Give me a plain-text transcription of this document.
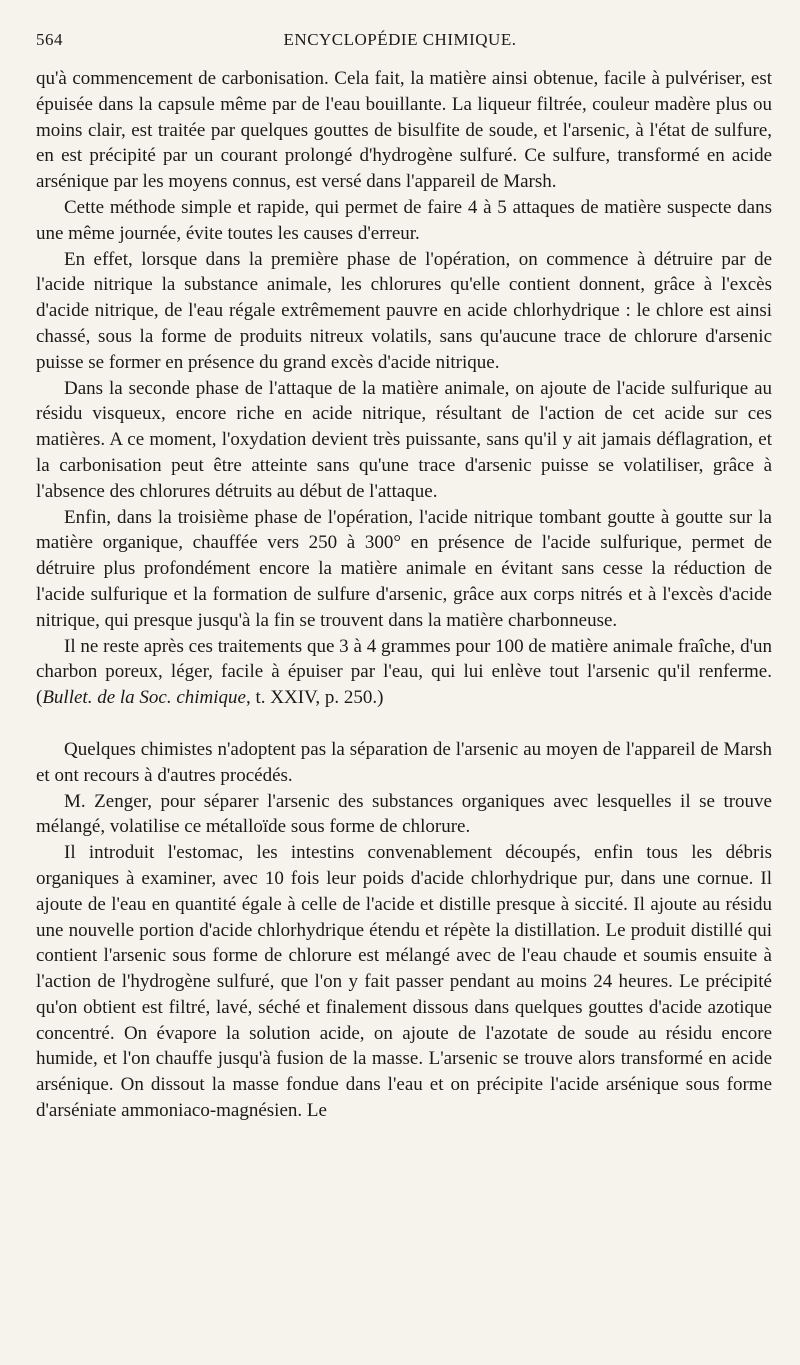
564	ENCYCLOPÉDIE CHIMIQUE.

qu'à commencement de carbonisation. Cela fait, la matière ainsi obtenue, facile à pulvériser, est épuisée dans la capsule même par de l'eau bouillante. La liqueur filtrée, couleur madère plus ou moins clair, est traitée par quelques gouttes de bisulfite de soude, et l'arsenic, à l'état de sulfure, en est précipité par un courant prolongé d'hydrogène sulfuré. Ce sulfure, transformé en acide arsénique par les moyens connus, est versé dans l'appareil de Marsh.

Cette méthode simple et rapide, qui permet de faire 4 à 5 attaques de matière suspecte dans une même journée, évite toutes les causes d'erreur.

En effet, lorsque dans la première phase de l'opération, on commence à détruire par de l'acide nitrique la substance animale, les chlorures qu'elle contient donnent, grâce à l'excès d'acide nitrique, de l'eau régale extrêmement pauvre en acide chlorhydrique : le chlore est ainsi chassé, sous la forme de produits nitreux volatils, sans qu'aucune trace de chlorure d'arsenic puisse se former en présence du grand excès d'acide nitrique.

Dans la seconde phase de l'attaque de la matière animale, on ajoute de l'acide sulfurique au résidu visqueux, encore riche en acide nitrique, résultant de l'action de cet acide sur ces matières. A ce moment, l'oxydation devient très puissante, sans qu'il y ait jamais déflagration, et la carbonisation peut être atteinte sans qu'une trace d'arsenic puisse se volatiliser, grâce à l'absence des chlorures détruits au début de l'attaque.

Enfin, dans la troisième phase de l'opération, l'acide nitrique tombant goutte à goutte sur la matière organique, chauffée vers 250 à 300° en présence de l'acide sulfurique, permet de détruire plus profondément encore la matière animale en évitant sans cesse la réduction de l'acide sulfurique et la formation de sulfure d'arsenic, grâce aux corps nitrés et à l'excès d'acide nitrique, qui presque jusqu'à la fin se trouvent dans la matière charbonneuse.

Il ne reste après ces traitements que 3 à 4 grammes pour 100 de matière animale fraîche, d'un charbon poreux, léger, facile à épuiser par l'eau, qui lui enlève tout l'arsenic qu'il renferme. (Bullet. de la Soc. chimique, t. XXIV, p. 250.)

Quelques chimistes n'adoptent pas la séparation de l'arsenic au moyen de l'appareil de Marsh et ont recours à d'autres procédés.

M. Zenger, pour séparer l'arsenic des substances organiques avec lesquelles il se trouve mélangé, volatilise ce métalloïde sous forme de chlorure.

Il introduit l'estomac, les intestins convenablement découpés, enfin tous les débris organiques à examiner, avec 10 fois leur poids d'acide chlorhydrique pur, dans une cornue. Il ajoute de l'eau en quantité égale à celle de l'acide et distille presque à siccité. Il ajoute au résidu une nouvelle portion d'acide chlorhydrique étendu et répète la distillation. Le produit distillé qui contient l'arsenic sous forme de chlorure est mélangé avec de l'eau chaude et soumis ensuite à l'action de l'hydrogène sulfuré, que l'on y fait passer pendant au moins 24 heures. Le précipité qu'on obtient est filtré, lavé, séché et finalement dissous dans quelques gouttes d'acide azotique concentré. On évapore la solution acide, on ajoute de l'azotate de soude au résidu encore humide, et l'on chauffe jusqu'à fusion de la masse. L'arsenic se trouve alors transformé en acide arsénique. On dissout la masse fondue dans l'eau et on précipite l'acide arsénique sous forme d'arséniate ammoniaco-magnésien. Le
